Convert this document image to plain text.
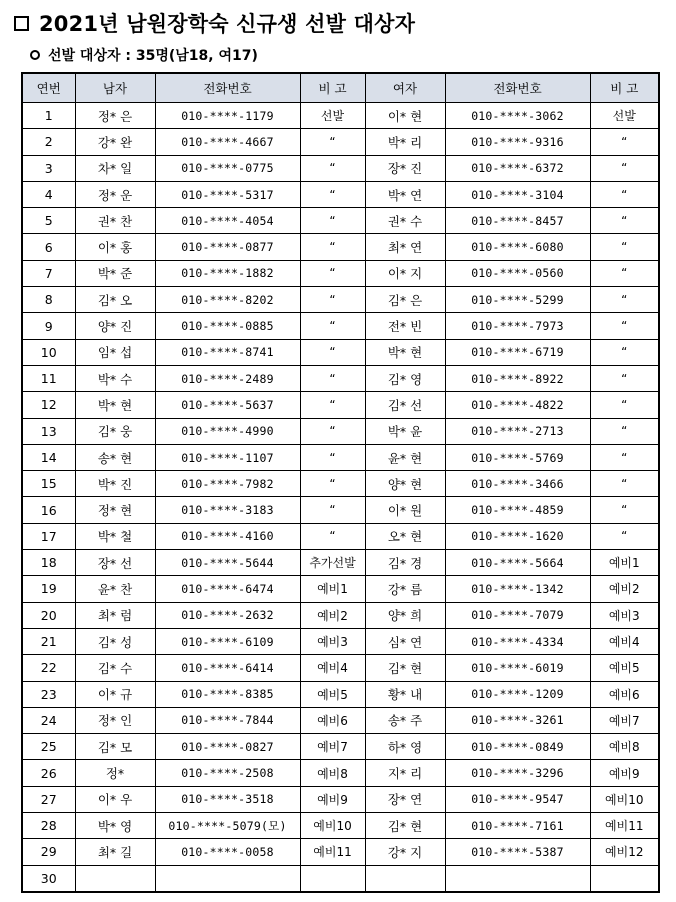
2021년 남원장학숙 신규생 선발 대상자
선발 대상자 : 35명(남18, 여17)
연번	남자	전화번호	비 고	여자	전화번호	비 고
1	정* 은	010-****-1179	선발	이* 현	010-****-3062	선발
2	강* 완	010-****-4667	“	박* 리	010-****-9316	“
3	차* 일	010-****-0775	“	장* 진	010-****-6372	“
4	정* 운	010-****-5317	“	박* 연	010-****-3104	“
5	권* 찬	010-****-4054	“	권* 수	010-****-8457	“
6	이* 홍	010-****-0877	“	최* 연	010-****-6080	“
7	박* 준	010-****-1882	“	이* 지	010-****-0560	“
8	김* 오	010-****-8202	“	김* 은	010-****-5299	“
9	양* 진	010-****-0885	“	전* 빈	010-****-7973	“
10	임* 섭	010-****-8741	“	박* 현	010-****-6719	“
11	박* 수	010-****-2489	“	김* 영	010-****-8922	“
12	박* 현	010-****-5637	“	김* 선	010-****-4822	“
13	김* 웅	010-****-4990	“	박* 윤	010-****-2713	“
14	송* 현	010-****-1107	“	윤* 현	010-****-5769	“
15	박* 진	010-****-7982	“	양* 현	010-****-3466	“
16	정* 현	010-****-3183	“	이* 원	010-****-4859	“
17	박* 철	010-****-4160	“	오* 현	010-****-1620	“
18	장* 선	010-****-5644	추가선발	김* 경	010-****-5664	예비1
19	윤* 찬	010-****-6474	예비1	강* 름	010-****-1342	예비2
20	최* 럼	010-****-2632	예비2	양* 희	010-****-7079	예비3
21	김* 성	010-****-6109	예비3	심* 연	010-****-4334	예비4
22	김* 수	010-****-6414	예비4	김* 현	010-****-6019	예비5
23	이* 규	010-****-8385	예비5	황* 내	010-****-1209	예비6
24	정* 인	010-****-7844	예비6	송* 주	010-****-3261	예비7
25	김* 모	010-****-0827	예비7	하* 영	010-****-0849	예비8
26	정*	010-****-2508	예비8	지* 리	010-****-3296	예비9
27	이* 우	010-****-3518	예비9	장* 연	010-****-9547	예비10
28	박* 영	010-****-5079(모)	예비10	김* 현	010-****-7161	예비11
29	최* 길	010-****-0058	예비11	강* 지	010-****-5387	예비12
30						
